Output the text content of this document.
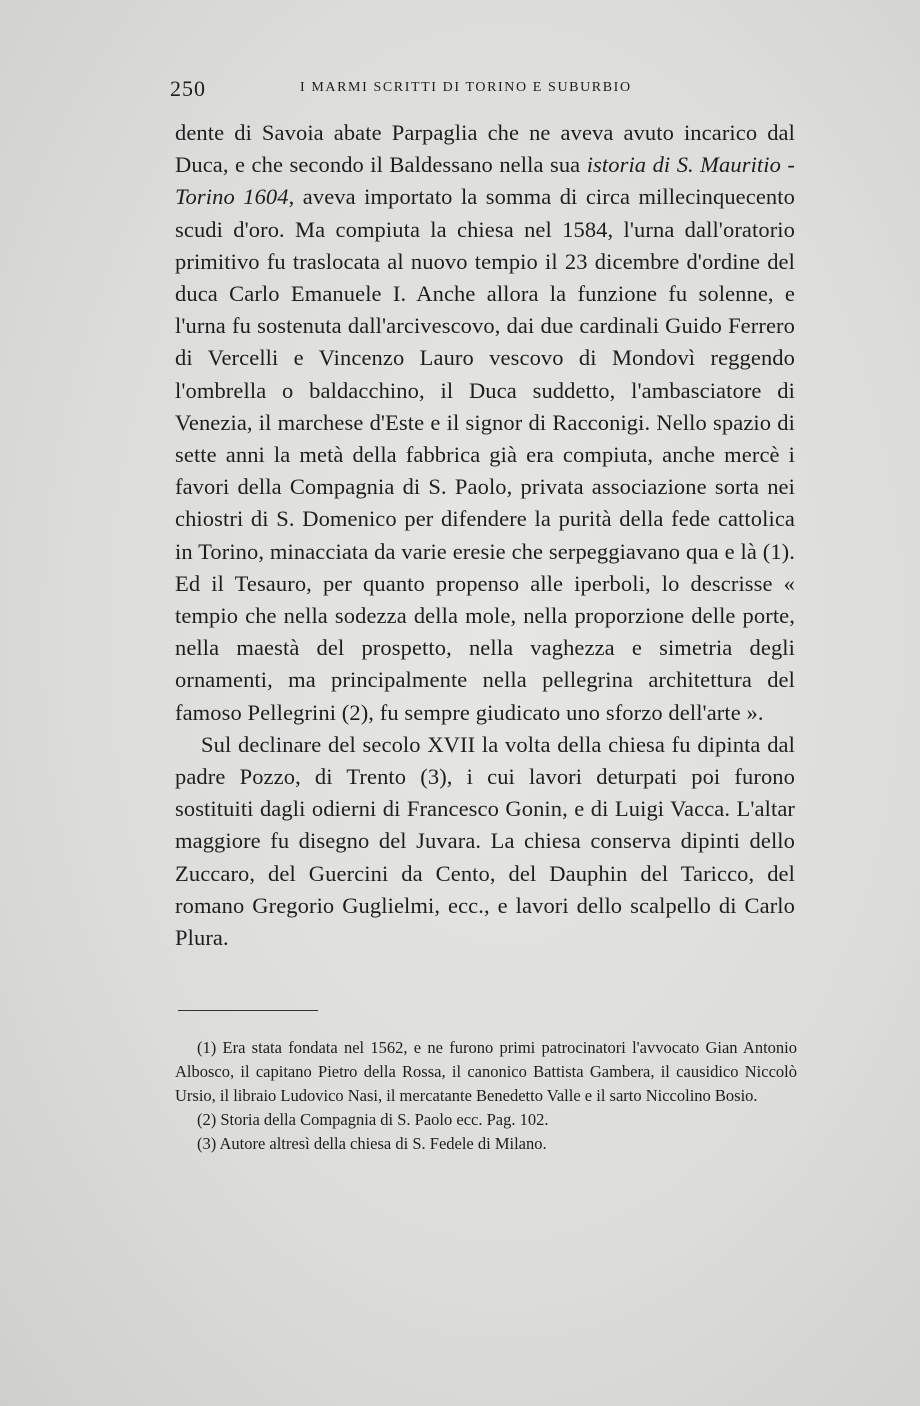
250	I MARMI SCRITTI DI TORINO E SUBURBIO

dente di Savoia abate Parpaglia che ne aveva avuto incarico dal Duca, e che secondo il Baldessano nella sua istoria di S. Mauritio - Torino 1604, aveva importato la somma di circa millecinquecento scudi d'oro. Ma compiuta la chiesa nel 1584, l'urna dall'oratorio primitivo fu traslocata al nuovo tempio il 23 dicembre d'ordine del duca Carlo Emanuele I. Anche allora la funzione fu solenne, e l'urna fu sostenuta dall'arcivescovo, dai due cardinali Guido Ferrero di Vercelli e Vincenzo Lauro vescovo di Mondovì reggendo l'ombrella o baldacchino, il Duca suddetto, l'ambasciatore di Venezia, il marchese d'Este e il signor di Racconigi. Nello spazio di sette anni la metà della fabbrica già era compiuta, anche mercè i favori della Compagnia di S. Paolo, privata associazione sorta nei chiostri di S. Domenico per difendere la purità della fede cattolica in Torino, minacciata da varie eresie che serpeggiavano qua e là (1). Ed il Tesauro, per quanto propenso alle iperboli, lo descrisse « tempio che nella sodezza della mole, nella proporzione delle porte, nella maestà del prospetto, nella vaghezza e simetria degli ornamenti, ma principalmente nella pellegrina architettura del famoso Pellegrini (2), fu sempre giudicato uno sforzo dell'arte ».

Sul declinare del secolo XVII la volta della chiesa fu dipinta dal padre Pozzo, di Trento (3), i cui lavori deturpati poi furono sostituiti dagli odierni di Francesco Gonin, e di Luigi Vacca. L'altar maggiore fu disegno del Juvara. La chiesa conserva dipinti dello Zuccaro, del Guercini da Cento, del Dauphin del Taricco, del romano Gregorio Guglielmi, ecc., e lavori dello scalpello di Carlo Plura.

(1) Era stata fondata nel 1562, e ne furono primi patrocinatori l'avvocato Gian Antonio Albosco, il capitano Pietro della Rossa, il canonico Battista Gambera, il causidico Niccolò Ursio, il libraio Ludovico Nasi, il mercatante Benedetto Valle e il sarto Niccolino Bosio.

(2) Storia della Compagnia di S. Paolo ecc. Pag. 102.

(3) Autore altresì della chiesa di S. Fedele di Milano.
